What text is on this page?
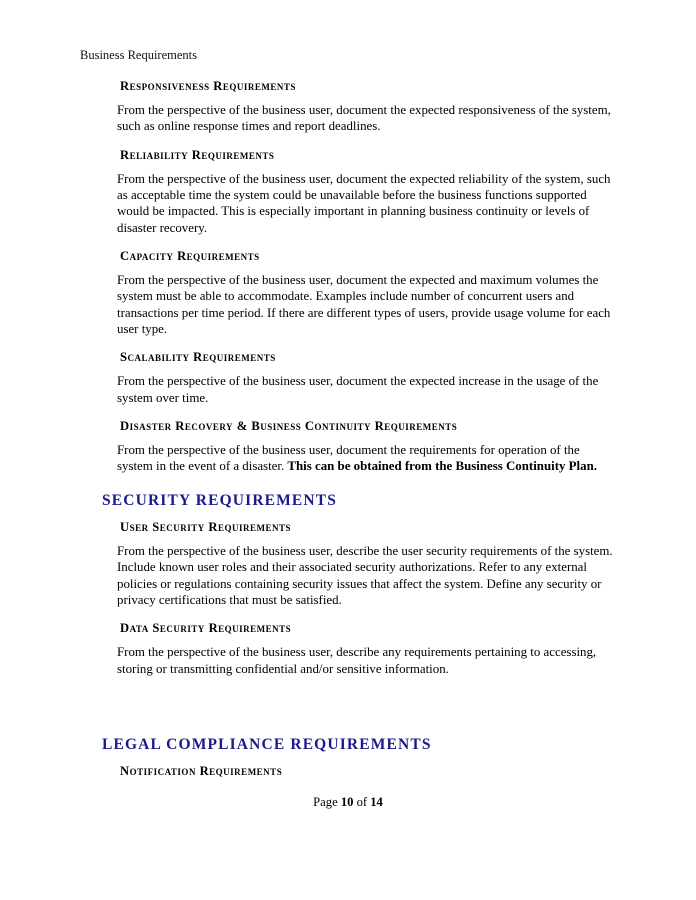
Business Requirements
Responsiveness Requirements
From the perspective of the business user, document the expected responsiveness of the system, such as online response times and report deadlines.
Reliability Requirements
From the perspective of the business user, document the expected reliability of the system, such as acceptable time the system could be unavailable before the business functions supported would be impacted. This is especially important in planning business continuity or levels of disaster recovery.
Capacity Requirements
From the perspective of the business user, document the expected and maximum volumes the system must be able to accommodate. Examples include number of concurrent users and transactions per time period. If there are different types of users, provide usage volume for each user type.
Scalability Requirements
From the perspective of the business user, document the expected increase in the usage of the system over time.
Disaster Recovery & Business Continuity Requirements
From the perspective of the business user, document the requirements for operation of the system in the event of a disaster. This can be obtained from the Business Continuity Plan.
SECURITY REQUIREMENTS
User Security Requirements
From the perspective of the business user, describe the user security requirements of the system. Include known user roles and their associated security authorizations. Refer to any external policies or regulations containing security issues that affect the system. Define any security or privacy certifications that must be satisfied.
Data Security Requirements
From the perspective of the business user, describe any requirements pertaining to accessing, storing or transmitting confidential and/or sensitive information.
LEGAL COMPLIANCE REQUIREMENTS
Notification Requirements
Page 10 of 14
